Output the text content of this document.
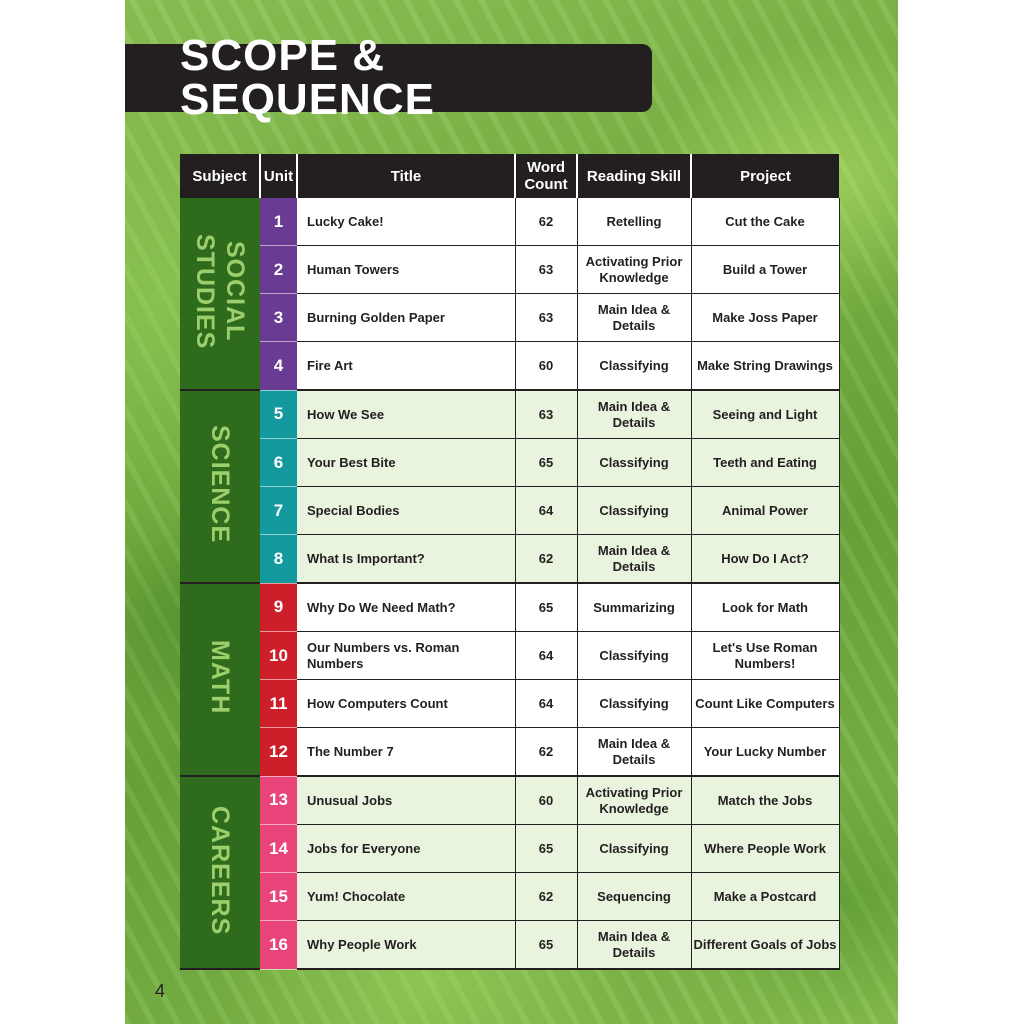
SCOPE & SEQUENCE
Subject	Unit	Title	Word
Count	Reading Skill	Project
SOCIAL
STUDIES	1	Lucky Cake!	62	Retelling	Cut the Cake
	2	Human Towers	63	Activating Prior Knowledge	Build a Tower
	3	Burning Golden Paper	63	Main Idea & Details	Make Joss Paper
	4	Fire Art	60	Classifying	Make String Drawings
SCIENCE	5	How We See	63	Main Idea & Details	Seeing and Light
	6	Your Best Bite	65	Classifying	Teeth and Eating
	7	Special Bodies	64	Classifying	Animal Power
	8	What Is Important?	62	Main Idea & Details	How Do I Act?
MATH	9	Why Do We Need Math?	65	Summarizing	Look for Math
	10	Our Numbers vs. Roman Numbers	64	Classifying	Let's Use Roman Numbers!
	11	How Computers Count	64	Classifying	Count Like Computers
	12	The Number 7	62	Main Idea & Details	Your Lucky Number
CAREERS	13	Unusual Jobs	60	Activating Prior Knowledge	Match the Jobs
	14	Jobs for Everyone	65	Classifying	Where People Work
	15	Yum! Chocolate	62	Sequencing	Make a Postcard
	16	Why People Work	65	Main Idea & Details	Different Goals of Jobs
4
